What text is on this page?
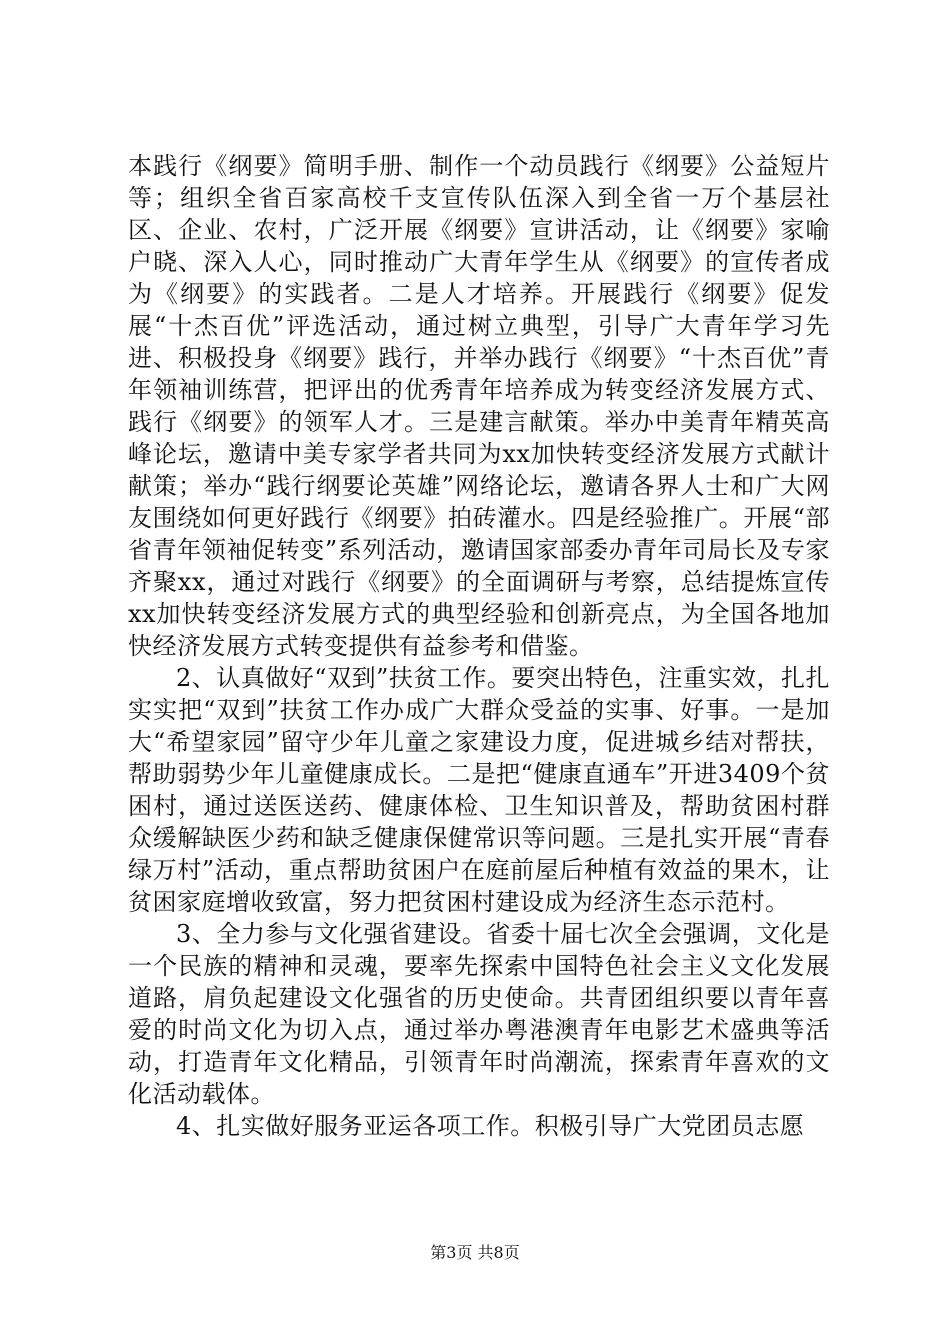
本践行《纲要》简明手册、制作一个动员践行《纲要》公益短片等；组织全省百家高校千支宣传队伍深入到全省一万个基层社区、企业、农村，广泛开展《纲要》宣讲活动，让《纲要》家喻户晓、深入人心，同时推动广大青年学生从《纲要》的宣传者成为《纲要》的实践者。二是人才培养。开展践行《纲要》促发展“十杰百优”评选活动，通过树立典型，引导广大青年学习先进、积极投身《纲要》践行，并举办践行《纲要》“十杰百优”青年领袖训练营，把评出的优秀青年培养成为转变经济发展方式、践行《纲要》的领军人才。三是建言献策。举办中美青年精英高峰论坛，邀请中美专家学者共同为xx加快转变经济发展方式献计献策；举办“践行纲要论英雄”网络论坛，邀请各界人士和广大网友围绕如何更好践行《纲要》拍砖灌水。四是经验推广。开展“部省青年领袖促转变”系列活动，邀请国家部委办青年司局长及专家齐聚xx，通过对践行《纲要》的全面调研与考察，总结提炼宣传xx加快转变经济发展方式的典型经验和创新亮点，为全国各地加快经济发展方式转变提供有益参考和借鉴。

2、认真做好“双到”扶贫工作。要突出特色，注重实效，扎扎实实把“双到”扶贫工作办成广大群众受益的实事、好事。一是加大“希望家园”留守少年儿童之家建设力度，促进城乡结对帮扶，帮助弱势少年儿童健康成长。二是把“健康直通车”开进3409个贫困村，通过送医送药、健康体检、卫生知识普及，帮助贫困村群众缓解缺医少药和缺乏健康保健常识等问题。三是扎实开展“青春绿万村”活动，重点帮助贫困户在庭前屋后种植有效益的果木，让贫困家庭增收致富，努力把贫困村建设成为经济生态示范村。

3、全力参与文化强省建设。省委十届七次全会强调，文化是一个民族的精神和灵魂，要率先探索中国特色社会主义文化发展道路，肩负起建设文化强省的历史使命。共青团组织要以青年喜爱的时尚文化为切入点，通过举办粤港澳青年电影艺术盛典等活动，打造青年文化精品，引领青年时尚潮流，探索青年喜欢的文化活动载体。

4、扎实做好服务亚运各项工作。积极引导广大党团员志愿

第3页 共8页
